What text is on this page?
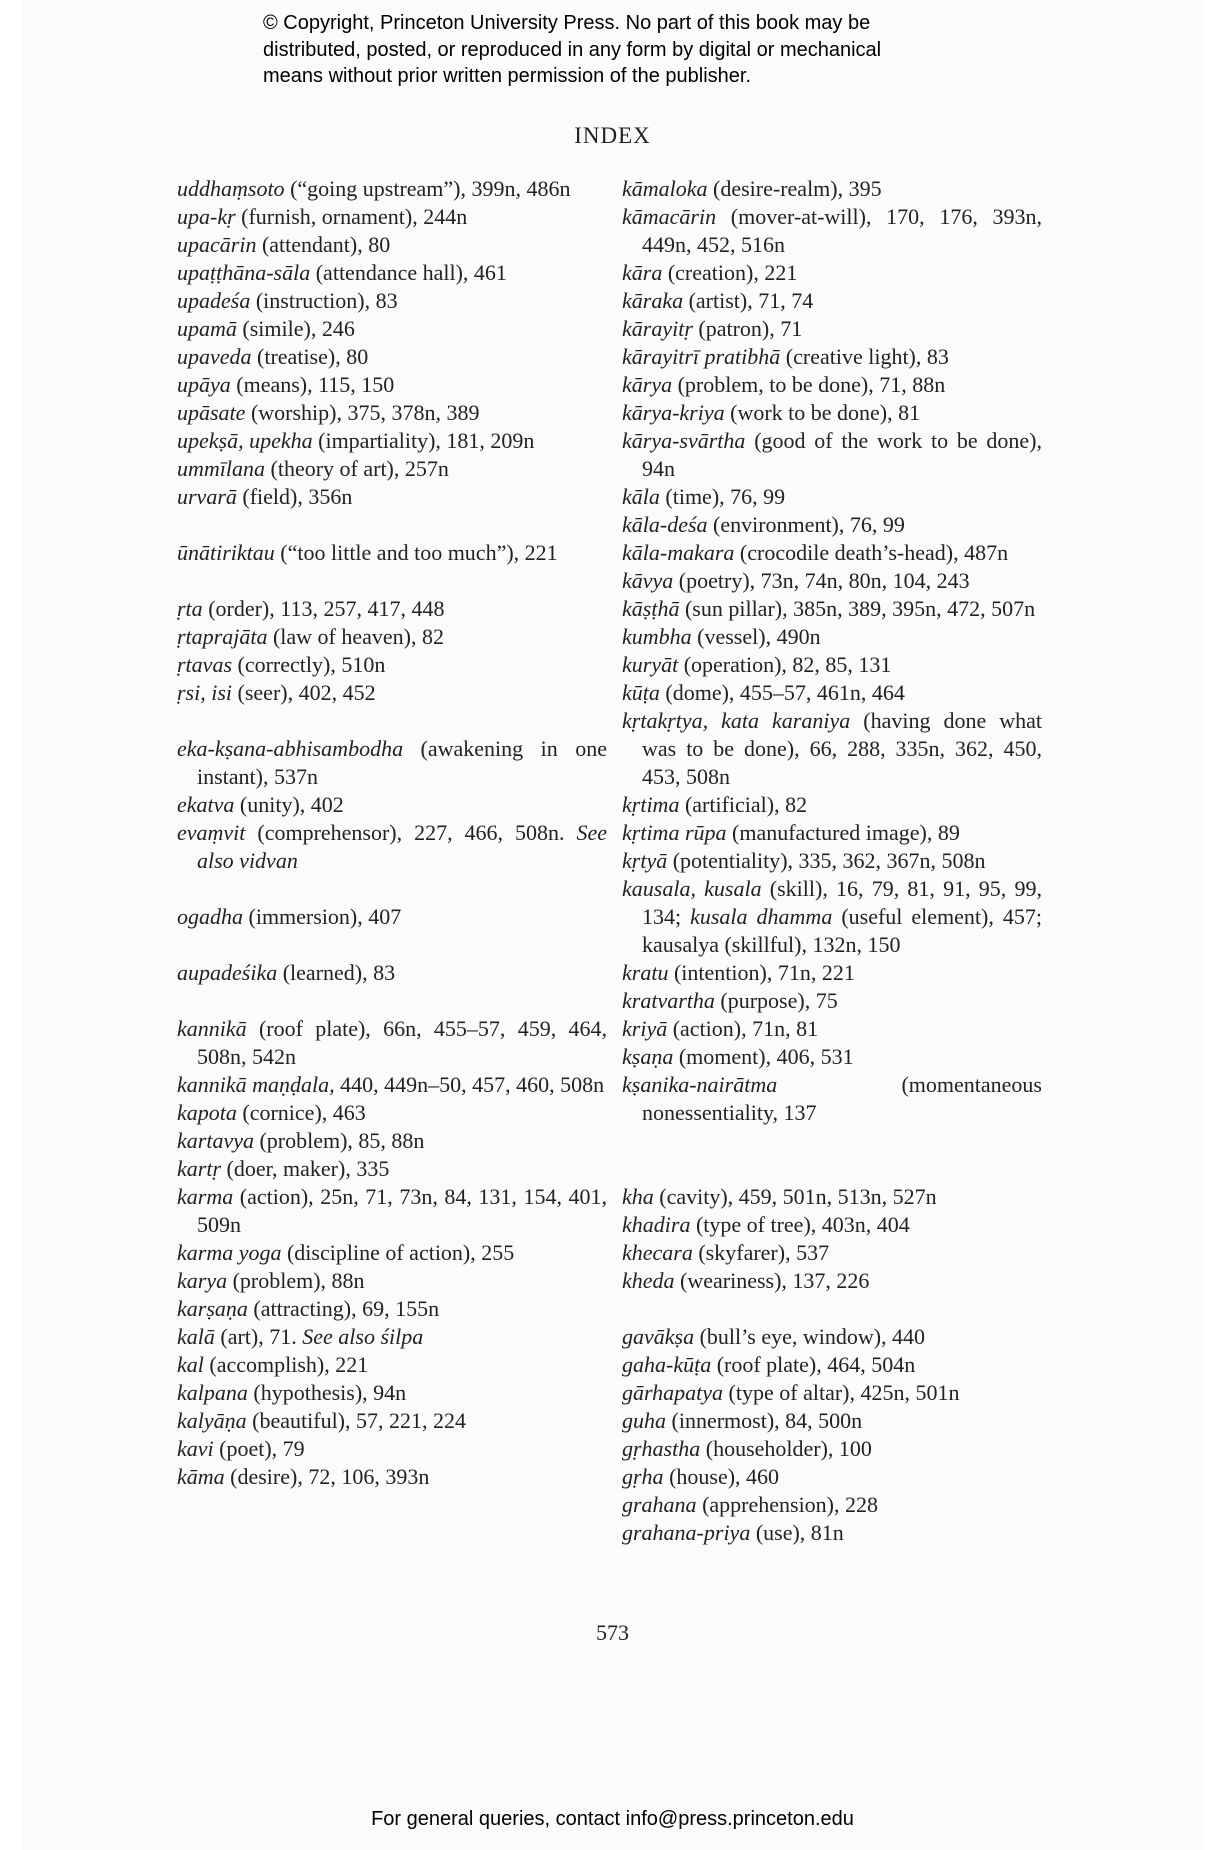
© Copyright, Princeton University Press. No part of this book may be
distributed, posted, or reproduced in any form by digital or mechanical
means without prior written permission of the publisher.
INDEX
uddhaṃsoto (“going upstream”), 399n, 486n
upa-kṛ (furnish, ornament), 244n
upacārin (attendant), 80
upaṭṭhāna-sāla (attendance hall), 461
upadeśa (instruction), 83
upamā (simile), 246
upaveda (treatise), 80
upāya (means), 115, 150
upāsate (worship), 375, 378n, 389
upekṣā, upekha (impartiality), 181, 209n
ummīlana (theory of art), 257n
urvarā (field), 356n
ūnātiriktau (“too little and too much”), 221
ṛta (order), 113, 257, 417, 448
ṛtaprajāta (law of heaven), 82
ṛtavas (correctly), 510n
ṛsi, isi (seer), 402, 452
eka-kṣana-abhisambodha (awakening in one instant), 537n
ekatva (unity), 402
evaṃvit (comprehensor), 227, 466, 508n. See also vidvan
ogadha (immersion), 407
aupadeśika (learned), 83
kannikā (roof plate), 66n, 455–57, 459, 464, 508n, 542n
kannikā maṇḍala, 440, 449n–50, 457, 460, 508n
kapota (cornice), 463
kartavya (problem), 85, 88n
kartṛ (doer, maker), 335
karma (action), 25n, 71, 73n, 84, 131, 154, 401, 509n
karma yoga (discipline of action), 255
karya (problem), 88n
karṣaṇa (attracting), 69, 155n
kalā (art), 71. See also śilpa
kal (accomplish), 221
kalpana (hypothesis), 94n
kalyāṇa (beautiful), 57, 221, 224
kavi (poet), 79
kāma (desire), 72, 106, 393n
kāmaloka (desire-realm), 395
kāmacārin (mover-at-will), 170, 176, 393n, 449n, 452, 516n
kāra (creation), 221
kāraka (artist), 71, 74
kārayitṛ (patron), 71
kārayitrī pratibhā (creative light), 83
kārya (problem, to be done), 71, 88n
kārya-kriya (work to be done), 81
kārya-svārtha (good of the work to be done), 94n
kāla (time), 76, 99
kāla-deśa (environment), 76, 99
kāla-makara (crocodile death’s-head), 487n
kāvya (poetry), 73n, 74n, 80n, 104, 243
kāṣṭhā (sun pillar), 385n, 389, 395n, 472, 507n
kumbha (vessel), 490n
kuryāt (operation), 82, 85, 131
kūṭa (dome), 455–57, 461n, 464
kṛtakṛtya, kata karaniya (having done what was to be done), 66, 288, 335n, 362, 450, 453, 508n
kṛtima (artificial), 82
kṛtima rūpa (manufactured image), 89
kṛtyā (potentiality), 335, 362, 367n, 508n
kausala, kusala (skill), 16, 79, 81, 91, 95, 99, 134; kusala dhamma (useful element), 457; kausalya (skillful), 132n, 150
kratu (intention), 71n, 221
kratvartha (purpose), 75
kriyā (action), 71n, 81
kṣaṇa (moment), 406, 531
kṣanika-nairātma (momentaneous nonessentiality, 137
kha (cavity), 459, 501n, 513n, 527n
khadira (type of tree), 403n, 404
khecara (skyfarer), 537
kheda (weariness), 137, 226
gavākṣa (bull’s eye, window), 440
gaha-kūṭa (roof plate), 464, 504n
gārhapatya (type of altar), 425n, 501n
guha (innermost), 84, 500n
gṛhastha (householder), 100
gṛha (house), 460
grahana (apprehension), 228
grahana-priya (use), 81n
573
For general queries, contact info@press.princeton.edu
